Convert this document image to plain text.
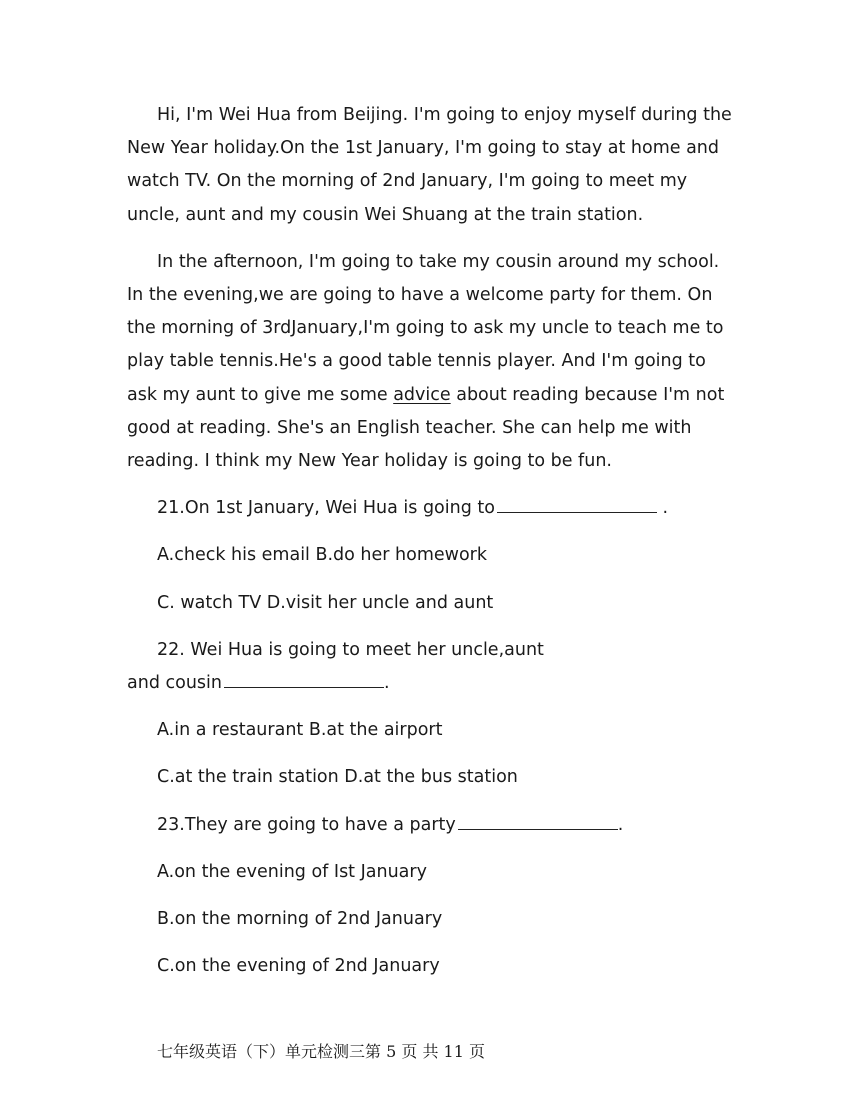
Hi, I'm Wei Hua from Beijing. I'm going to enjoy myself during the New Year holiday.On the 1st January, I'm going to stay at home and watch TV. On the morning of 2nd January, I'm going to meet my uncle, aunt and my cousin Wei Shuang at the train station.

In the afternoon, I'm going to take my cousin around my school. In the evening,we are going to have a welcome party for them. On the morning of 3rdJanuary,I'm going to ask my uncle to teach me to play table tennis.He's a good table tennis player. And I'm going to ask my aunt to give me some advice about reading because I'm not good at reading. She's an English teacher. She can help me with reading. I think my New Year holiday is going to be fun.

21.On 1st January, Wei Hua is going to	.
A.check his email B.do her homework
C. watch TV D.visit her uncle and aunt
22. Wei Hua is going to meet her uncle,aunt and cousin	.
A.in a restaurant B.at the airport
C.at the train station D.at the bus station
23.They are going to have a party	.
A.on the evening of Ist January
B.on the morning of 2nd January
C.on the evening of 2nd January
七年级英语（下）单元检测三第 5 页 共 11 页
